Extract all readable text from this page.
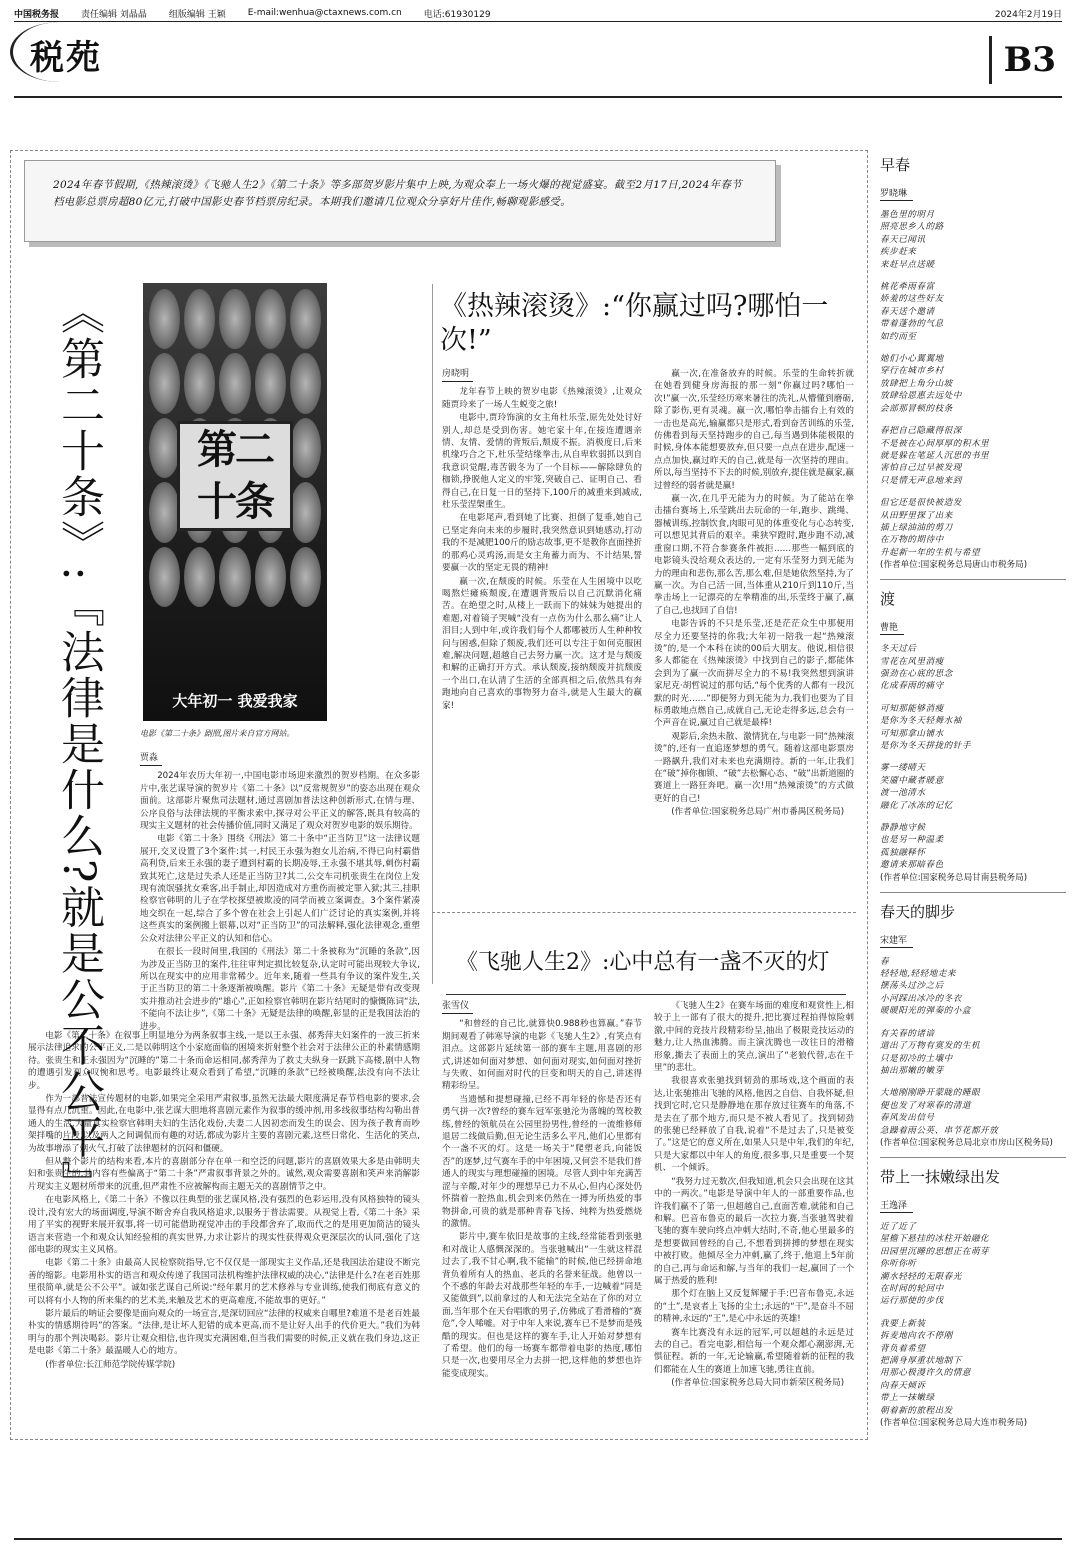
中国税务报 责任编辑 刘晶晶 组版编辑 王颖 E-mail:wenhua@ctaxnews.com.cn 电话:61930129	2024年2月19日
税苑	B3

2024年春节假期,《热辣滚烫》《飞驰人生2》《第二十条》等多部贺岁影片集中上映,为观众奉上一场火爆的视觉盛宴。截至2月17日,2024年春节档电影总票房超80亿元,打破中国影史春节档票房纪录。本期我们邀请几位观众分享好片佳作,畅聊观影感受。

《第二十条》:『法律是什么?就是公不公平』	第二十条
大年初一 我爱我家
电影《第二十条》剧照,图片来自官方网站。
贾淼

2024年农历大年初一,中国电影市场迎来激烈的贺岁档期。在众多影片中,张艺谋导演的贺岁片《第二十条》以“反常规贺岁”的姿态出现在观众面前。这部影片聚焦司法题材,通过喜剧加普法这种创新形式,在情与理、公序良俗与法律法规的平衡求索中,探寻对公平正义的解答,既具有较高的现实主义题材的社会传播价值,同时又满足了观众对贺岁电影的娱乐期待。

电影《第二十条》围绕《刑法》第二十条中“正当防卫”这一法律议题展开,交叉设置了3个案件:其一,村民王永强为抱女儿治病,不得已向村霸借高利贷,后来王永强的妻子遭到村霸的长期凌辱,王永强不堪其辱,刺伤村霸致其死亡,这是过失杀人还是正当防卫?其二,公交车司机张贵生在岗位上发现有流氓骚扰女乘客,出手制止,却因造成对方重伤而被定罪入狱;其三,挂职检察官韩明的儿子在学校探望被欺凌的同学而被立案调查。3个案件紧凑地交织在一起,综合了多个曾在社会上引起人们广泛讨论的真实案例,并将这些真实的案例搬上银幕,以对“正当防卫”的司法解释,强化法律观念,重塑公众对法律公平正义的认知和信心。

在很长一段时间里,我国的《刑法》第二十条被称为“沉睡的条款”,因为涉及正当防卫的案件,往往审判定损比较复杂,认定时可能出现较大争议,所以在现实中的应用非常稀少。近年来,随着一些具有争议的案件发生,关于正当防卫的第二十条逐渐被唤醒。影片《第二十条》无疑是带有改变现实并推动社会进步的“雄心”,正如检察官韩明在影片结尾时的慷慨陈词“法,不能向不法让步”,《第二十条》无疑是法律的唤醒,彰显的正是我国法治的进步。

电影《第二十条》在叙事上明显地分为两条叙事主线,一是以王永强、郝秀萍夫妇案件的一波三折来展示法律追求的公平正义,二是以韩明这个小家庭面临的困境来折射整个社会对于法律公正的朴素情感期待。张贵生和王永强因为“沉睡的”第二十条而命运相同,郝秀萍为了救丈夫纵身一跃跳下高楼,剧中人物的遭遇引发观众叹惋和思考。电影最终让观众看到了希望,“沉睡的条款”已经被唤醒,法没有向不法让步。

作为一部普法宣传题材的电影,如果完全采用严肃叙事,虽然无法最大限度满足春节档电影的要求,会显得有点几沉重。因此,在电影中,张艺谋大胆地将喜剧元素作为叙事的缓冲剂,用多线叙事结构勾勒出普通人的生活,大量真实检察官韩明夫妇的生活化戏份,夫妻二人因初恋而发生的误会、因为孩子教育而吵架拌嘴的片段,以及两人之间调侃而有趣的对话,都成为影片主要的喜剧元素,这些日常化、生活化的笑点,为故事增添了烟火气,打破了法律题材的沉闷和僵硬。

但从整个影片的结构来看,本片的喜剧部分存在单一和空泛的问题,影片的喜剧效果大多是由韩明夫妇和张贵生的,其内容有些偏离于“第二十条”严肃叙事背景之外的。诚然,观众需要喜剧和笑声来消解影片现实主义题材所带来的沉重,但严肃性不应被解构而主题无关的喜剧情节之中。

在电影风格上,《第二十条》不像以往典型的张艺谋风格,没有强烈的色彩运用,没有风格独特的镜头设计,没有宏大的场面调度,导演不断舍弃自我风格追求,以服务于普法需要。从视觉上看,《第二十条》采用了平实的视野来展开叙事,将一切可能借助视觉冲击的手段都舍弃了,取而代之的是用更加简洁的镜头语言来营造一个和观众认知经验相的真实世界,力求让影片的现实性获得观众更深层次的认同,强化了这部电影的现实主义风格。

电影《第二十条》由最高人民检察院指导,它不仅仅是一部现实主义作品,还是我国法治建设不断完善的缩影。电影用朴实的语言和观众传递了我国司法机构维护法律权威的决心,“法律是什么?在老百姓那里很简单,就是公不公平”。诚如张艺谋自己所说:“经年累月的艺术修养与专业训练,使我们彻底有意义的可以将有小人物的所来集约的艺术美,来触及艺术的更高难度,不能故事的更好。”

影片最后的呐证会要像是面向观众的一场宣言,是深切回应“法律的权威来自哪里?难道不是老百姓最朴实的情感期待吗”的答案。“法律,是让坏人犯错的成本更高,而不是让好人出手的代价更大。”我们为韩明与的那个判决喝彩。影片让观众相信,也许现实充满困难,但当我们需要的时候,正义就在我们身边,这正是电影《第二十条》最温暖人心的地方。

(作者单位:长江师范学院传媒学院)

《热辣滚烫》:“你赢过吗?哪怕一次!”
房晓明

龙年春节上映的贺岁电影《热辣滚烫》,让观众随贾玲来了一场人生蜕变之旅!

电影中,贾玲饰演的女主角杜乐莹,原先处处讨好别人,却总是受到伤害。她宅家十年,在接连遭遇亲情、友情、爱情的背叛后,颓废不振。消极度日,后来机缘巧合之下,杜乐莹结缘拳击,从自卑软弱抓以到自我意识觉醒,毒苦锻冬为了一个目标——解除肆负的枷锁,挣脱他人定义的牢笼,突破自己、证明自己、看得自己,在日复一日的坚持下,100斤的减重来到减成,杜乐莹涅槃重生。

在电影尾声,看到她了比赛、担倒了复垂,她自己已坚定奔向未来的步履时,我突然意识到她感动,打动我的不是减肥100斤的励志故事,更不是教你直面挫折的那鸡心灵鸡汤,而是女主角蓄力而为、不计结果,誓要赢一次的坚定无畏的精神!

赢一次,在颓废的时候。乐莹在人生困境中以吃喝熬烂瘫痪颓废,在遭遇背叛后以自己沉默消化痛苦。在绝望之时,从楼上一跃而下的妹妹为她提出的难题,对着镜子哭喊“没有一点伤为什么那么痛”让人泪目;人到中年,或许我们每个人都哪被历人生种种牧问与困惑,但除了颓废,我们还可以专注于如何克服困难,解决问题,超越自己去努力赢一次。这才是与颓废和解的正确打开方式。承认颓废,接纳颓废并抗颓废一个出口,在认清了生活的全部真相之后,依然具有奔跑地向自己喜欢的事物努力奋斗,就是人生最大的赢家!

赢一次,在准备放弃的时候。乐莹的生命转折就在她看到健身房海报的那一刻“你赢过吗?哪怕一次!”赢一次,乐莹经历寒来暑往的洗礼,从懵懂到磨砺,除了影伤,更有灵魂。赢一次,哪怕拳击擂台上有效的一击也是高光,输赢都只是形式,看到奋苦训练的乐莹,仿佛看到每天坚持跑步的自己,每当遇到体能极限的时候,身体本能想要放弃,但只要一点点在进步,配速一点点加快,赢过昨天的自己,就是每一次坚持的理由。所以,每当坚持不下去的时候,别放弃,提住就是赢家,赢过曾经的弱者就是赢!

赢一次,在几乎无能为力的时候。为了能站在拳击擂台赛场上,乐莹跳出去玩命的一年,跑步、跳绳、器械训练,控制饮食,肉眼可见的体重变化与心态转变,可以想见其背后的艰辛。乘狭窄蹬时,跑步跑不动,减重窗口期,不符合参赛条件被拒……那些一幅到底的电影镜头没给观众表达的,一定有乐莹努力到无能为力的理由和悲伤,那么苦,那么难,但是她依然坚持,为了赢一次。为自己活一回,当体重从210斤到110斤,当拳击场上一记漂亮的左拳精准的出,乐莹终于赢了,赢了自己,也找回了自信!

电影告诉的不只是乐莹,还是茫茫众生中那便用尽全力还要坚持的你我;大年初一陪我一起“热辣滚烫”的,是一个本科在读的00后大朋友。他说,相信很多人都能在《热辣滚烫》中找到自己的影子,都能体会到为了赢一次而拼尽全力的不易!我突然想到演讲家尼克·胡哲说过的那句话,“每个优秀的人都有一段沉默的时光……”即便努力到无能为力,我们也要为了目标勇敢地点燃自己,成就自己,无论走得多远,总会有一个声音在说,赢过自己就是最棒!

观影后,余热未散、激情犹在,与电影一同“热辣滚烫”的,还有一直追逐梦想的勇气。随着这部电影票房一路飙升,我们对未来也充满期待。新的一年,让我们在“破”掉你枷锁、“破”去松懈心态、“破”出新道圈的赛道上一路狂奔吧。赢一次!用“热辣滚烫”的方式做更好的自己!

(作者单位:国家税务总局广州市番禺区税务局)

《飞驰人生2》:心中总有一盏不灭的灯
张雪仪

“和曾经的自己比,就算快0.988秒也算赢。”春节期间观看了韩寒导演的电影《飞驰人生2》,有笑点有泪点。这部影片延续第一部的赛车主题,用喜剧的形式,讲述如何面对梦想、如何面对现实,如何面对挫折与失败、如何面对时代的巨变和明天的自己,讲述得精彩纷呈。

当遗憾和提想碰撞,已经不再年轻的你是否还有勇气拼一次?曾经的赛车冠军张驰沦为落魄的驾校教练,曾经的领航员在公园里扮男性,曾经的一流维修师退居二线做后勤,但无论生活多么平凡,他们心里都有个一盏不灭的灯。这是一场关于“爬塑老兵,向能饭否”的逐梦,过气赛车手的中年困境,又何尝不是我们普通人的现实与理想碰撞的困境。尽管人到中年充满苦涩与辛酸,对年少的理想早已力不从心,但内心深处仍怀揣着一腔热血,机会到来仍然在一搏为所热爱的事物拼命,可贵的就是那种青春飞扬、纯粹为热爱燃烧的激情。

影片中,赛车依旧是故事的主线,经常能看到张驰和对战让人感慨深深的。当张驰喊出“一生就这样混过去了,我不甘心啊,我不能输”的时候,他已经拼命地背负着所有人的热血、老兵的名誉来征战。他曾以一个不惑的年龄去对战那些年轻的车手,一边喊着“同是又能做到”,以前拿过的人和无法完全站在了你的对立面,当年那个在天台唱歌的男子,仿佛成了看滑稽的“赛危”,令人唏嘘。对于中年人来说,赛车已不是梦而是残酷的现实。但也是这样的赛车手,让人开始对梦想有了希望。他们的每一场赛车都带着电影的热度,哪怕只是一次,也要用尽全力去拼一把,这样他的梦想也许能变成现实。

《飞驰人生2》在赛车场面的难度和观赏性上,相较于上一部有了很大的提升,把比赛过程拍得惊险刺激,中间的竞技片段精彩纷呈,抽出了极限竞技运动的魅力,让人热血沸腾。而主演沈腾也一改往日的滑稽形象,撕去了表面上的笑点,演出了“老狼代替,志在千里”的悲壮。

我很喜欢张驰找到韧劲的那场戏,这个画面的表达,让张驰推出飞驰的风格,他因之自信、自我怀疑,但找到它时,它只是静静地在那存放过往赛车的角落,不是去在了那个地方,而只是不被人看见了。找到韧劲的张驰已经释放了自我,说着“不是过去了,只是被变了。”这是它的意义所在,如果人只是中年,我们的年纪,只是大家都以中年人的角度,很多事,只是重要一个契机、一个倾诉。

“我努力过无数次,但我知道,机会只会出现在这其中的一两次。”电影是导演中年人的一部重要作品,也许我们赢不了第一,但超越自己,直面苦难,就能和自己和解。巴音布鲁克的最后一次拉力赛,当张驰驾驶着飞驰的赛车驶向终点冲刺大结时,不奇,他心里最多的是想要做回曾经的自己,不想看到拼搏的梦想在现实中被打败。他倾尽全力冲刺,赢了,终于,他退上5年前的自己,再与命运和解,与当年的我们一起,赢回了一个属于热爱的胜利!

那个灯在脑上又反复辉耀于手:巴音布鲁克,永远的“土”,是哀者上飞扬的尘土;永远的“干”,是奋斗不屈的精神,永远的“王”,是心中永远的英雄!

赛车比赛没有永远的冠军,可以超越的永远是过去的自己。看完电影,相信每一个观众都心潮澎湃,无惧征程。新的一年,无论输赢,希望随着新的征程的我们都能在人生的赛道上加速飞驰,勇往直前。

(作者单位:国家税务总局大同市新荣区税务局)

早春
罗晓琳
墨色里的明月
照亮思乡人的路
春天已闻讯
疾步赶来
来赶早点送暖
桃花牵雨春富
娇羞的这些好友
春天送个邀请
带着蓬勃的气息
如约而至
她们小心翼翼地
穿行在城市乡村
放肆把上角分山坡
放肆给恩惠去远处中
会部那冒顿的枝条
春把自己隐藏得很深
不是被在心间厚厚的积木里
就是躲在笔延人沉思的书里
害怕自己过早被发现
只是情无声息地来到
但它还是很快被造发
从田野里探了出来
插上绿油油的剪刀
在万物的期待中
升起新一年的生机与希望
(作者单位:国家税务总局唐山市税务局)
渡
曹艳
冬天过后
雪花在风里消瘦
强劲在心底的思念
化成春雨的痛守
可知那能够消瘦
是你为冬天轻舞水袖
可知那拿山铺水
是你为冬天拼拢的针手
雾一缕晴天
笑靥中藏者暖意
渡一池清水
融化了冰冻的记忆
静静地守候
也是另一种温柔
孤独融释怀
邀请来那暗春色
(作者单位:国家税务总局甘南县税务局)
春天的脚步
宋建军
春
轻轻地,轻轻地走来
摆荡头过沙之后
小河踩出冰冷的冬衣
暖暖阳光的弹奏的小盒
有关春的诸谙
道出了万物有寞发的生机
只是初冷的土壤中
抽出那嫩的嫩芽
大地刚刚睁开蒙眬的睡眼
便也发了对寒春的清道
春风发出信号
急躁着雨公英、串节花都开放
(作者单位:国家税务总局北京市房山区税务局)
带上一抹嫩绿出发
王逸泽
近了近了
屋檐下悬挂的冰柱开始融化
田园里沉睡的思想正在萌芽
你听你听
潮水轻轻的无限春光
在时间的轮回中
运行那使的步伐
我要上新装
拆麦地向农不停刚
背负着希望
把满身厚重状地制下
用那心极漫许久的情意
向春天倾诉
带上一抹嫩绿
朝着新的旅程出发
(作者单位:国家税务总局大连市税务局)
